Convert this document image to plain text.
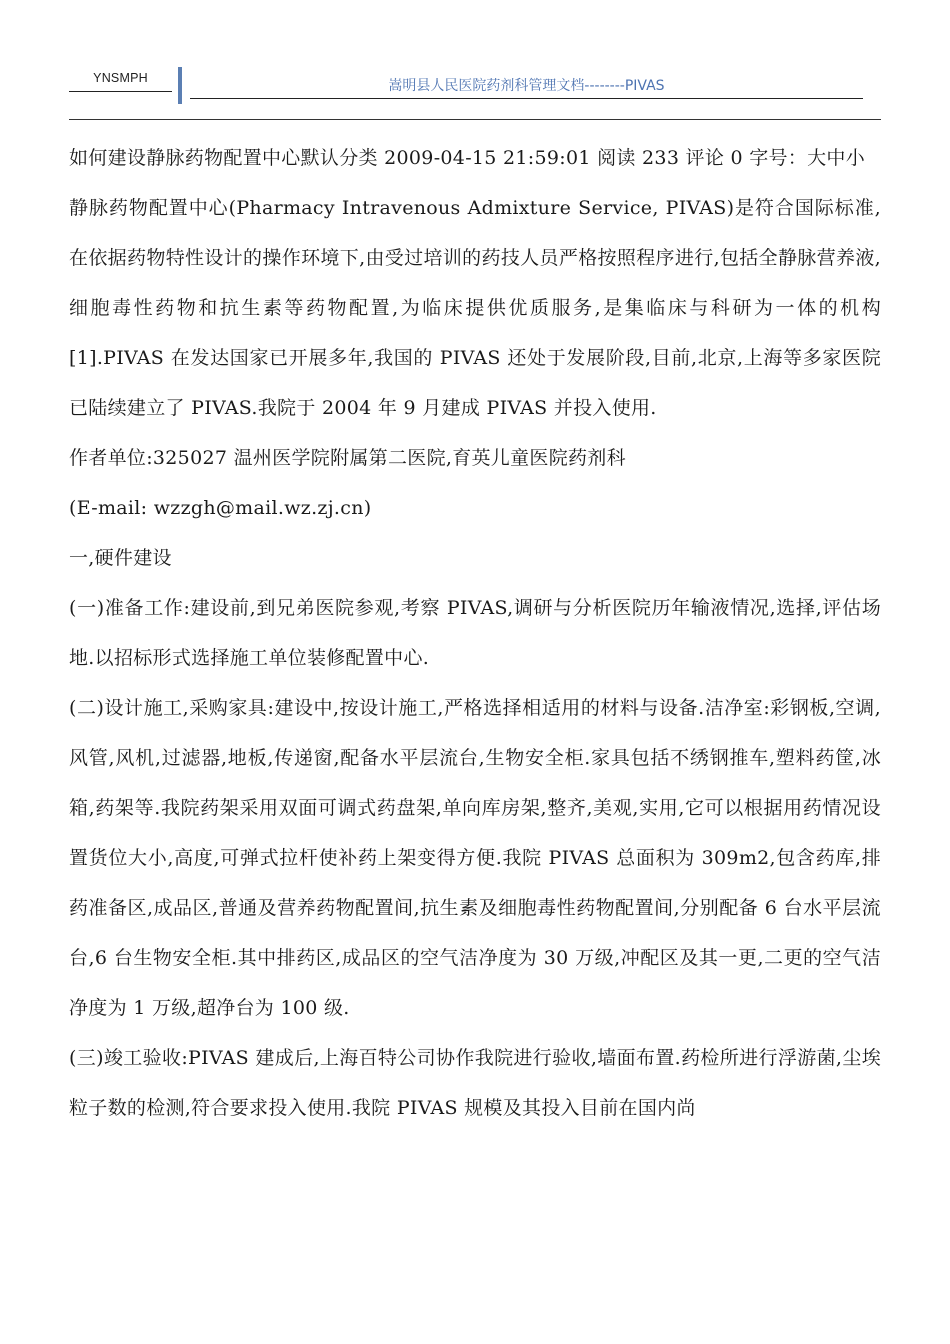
YNSMPH	嵩明县人民医院药剂科管理文档--------PIVAS

如何建设静脉药物配置中心默认分类 2009-04-15 21:59:01 阅读 233 评论 0 字号：大中小

静脉药物配置中心(Pharmacy Intravenous Admixture Service, PIVAS)是符合国际标准,在依据药物特性设计的操作环境下,由受过培训的药技人员严格按照程序进行,包括全静脉营养液,细胞毒性药物和抗生素等药物配置,为临床提供优质服务,是集临床与科研为一体的机构[1].PIVAS 在发达国家已开展多年,我国的 PIVAS 还处于发展阶段,目前,北京,上海等多家医院已陆续建立了 PIVAS.我院于 2004 年 9 月建成 PIVAS 并投入使用.

作者单位:325027 温州医学院附属第二医院,育英儿童医院药剂科

(E-mail: wzzgh@mail.wz.zj.cn)

一,硬件建设

(一)准备工作:建设前,到兄弟医院参观,考察 PIVAS,调研与分析医院历年输液情况,选择,评估场地.以招标形式选择施工单位装修配置中心.

(二)设计施工,采购家具:建设中,按设计施工,严格选择相适用的材料与设备.洁净室:彩钢板,空调,风管,风机,过滤器,地板,传递窗,配备水平层流台,生物安全柜.家具包括不绣钢推车,塑料药筐,冰箱,药架等.我院药架采用双面可调式药盘架,单向库房架,整齐,美观,实用,它可以根据用药情况设置货位大小,高度,可弹式拉杆使补药上架变得方便.我院 PIVAS 总面积为 309m2,包含药库,排药准备区,成品区,普通及营养药物配置间,抗生素及细胞毒性药物配置间,分别配备 6 台水平层流台,6 台生物安全柜.其中排药区,成品区的空气洁净度为 30 万级,冲配区及其一更,二更的空气洁净度为 1 万级,超净台为 100 级.

(三)竣工验收:PIVAS 建成后,上海百特公司协作我院进行验收,墙面布置.药检所进行浮游菌,尘埃粒子数的检测,符合要求投入使用.我院 PIVAS 规模及其投入目前在国内尚
